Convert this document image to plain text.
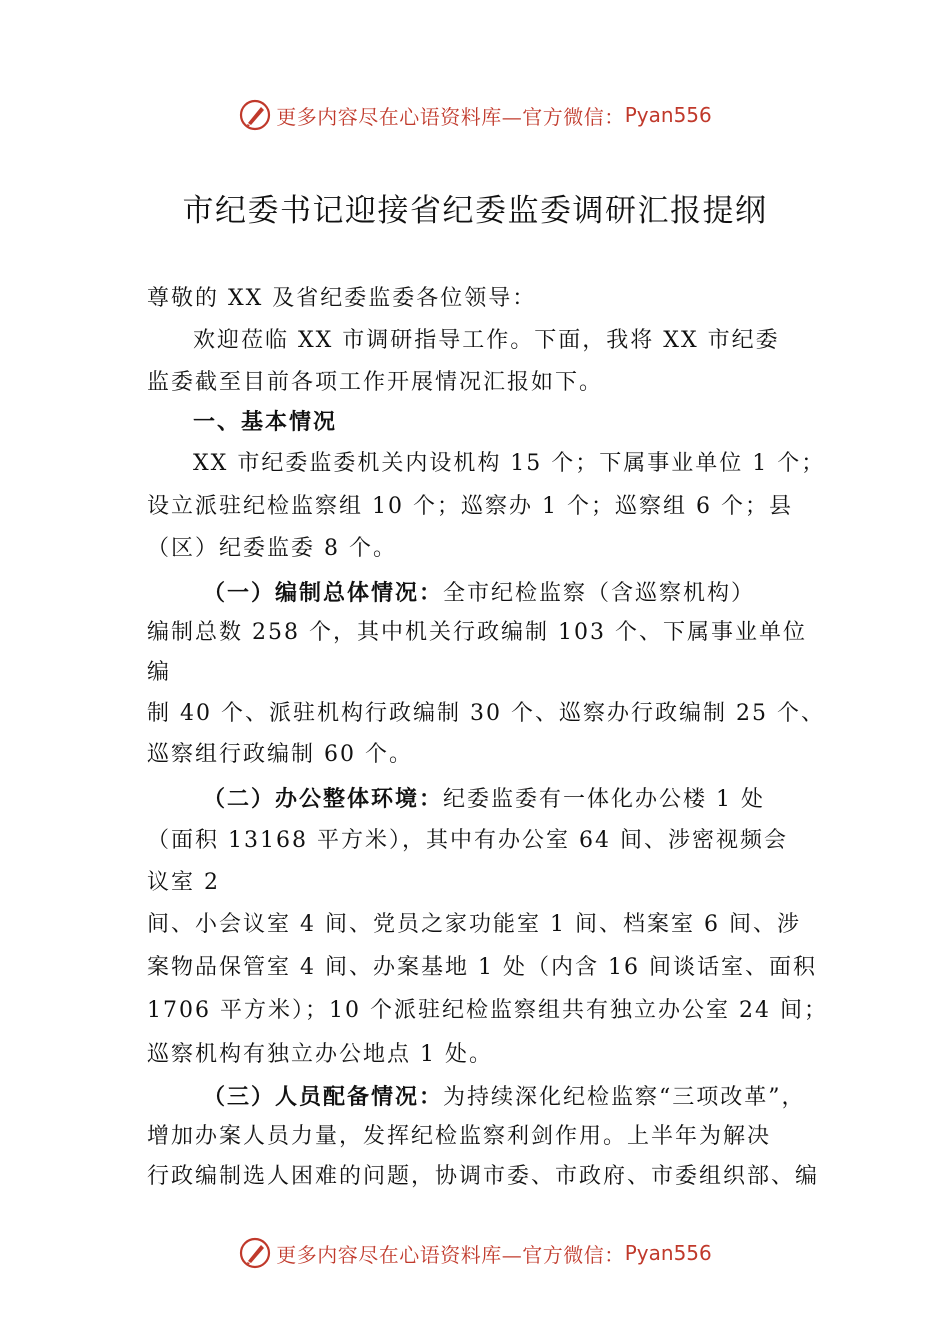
更多内容尽在心语资料库—官方微信： Pyan556
市纪委书记迎接省纪委监委调研汇报提纲
尊敬的 XX 及省纪委监委各位领导：
欢迎莅临 XX 市调研指导工作。下面，我将 XX 市纪委
监委截至目前各项工作开展情况汇报如下。
一、基本情况
XX 市纪委监委机关内设机构 15 个；下属事业单位 1 个；
设立派驻纪检监察组 10 个；巡察办 1 个；巡察组 6 个；县
（区）纪委监委 8 个。
（一）编制总体情况：全市纪检监察（含巡察机构）
编制总数 258 个，其中机关行政编制 103 个、下属事业单位
编
制 40 个、派驻机构行政编制 30 个、巡察办行政编制 25 个、
巡察组行政编制 60 个。
（二）办公整体环境：纪委监委有一体化办公楼 1 处
（面积 13168 平方米），其中有办公室 64 间、涉密视频会
议室 2
间、小会议室 4 间、党员之家功能室 1 间、档案室 6 间、涉
案物品保管室 4 间、办案基地 1 处（内含 16 间谈话室、面积
1706 平方米）；10 个派驻纪检监察组共有独立办公室 24 间；
巡察机构有独立办公地点 1 处。
（三）人员配备情况：为持续深化纪检监察“三项改革”，
增加办案人员力量，发挥纪检监察利剑作用。上半年为解决
行政编制选人困难的问题，协调市委、市政府、市委组织部、编
更多内容尽在心语资料库—官方微信： Pyan556
